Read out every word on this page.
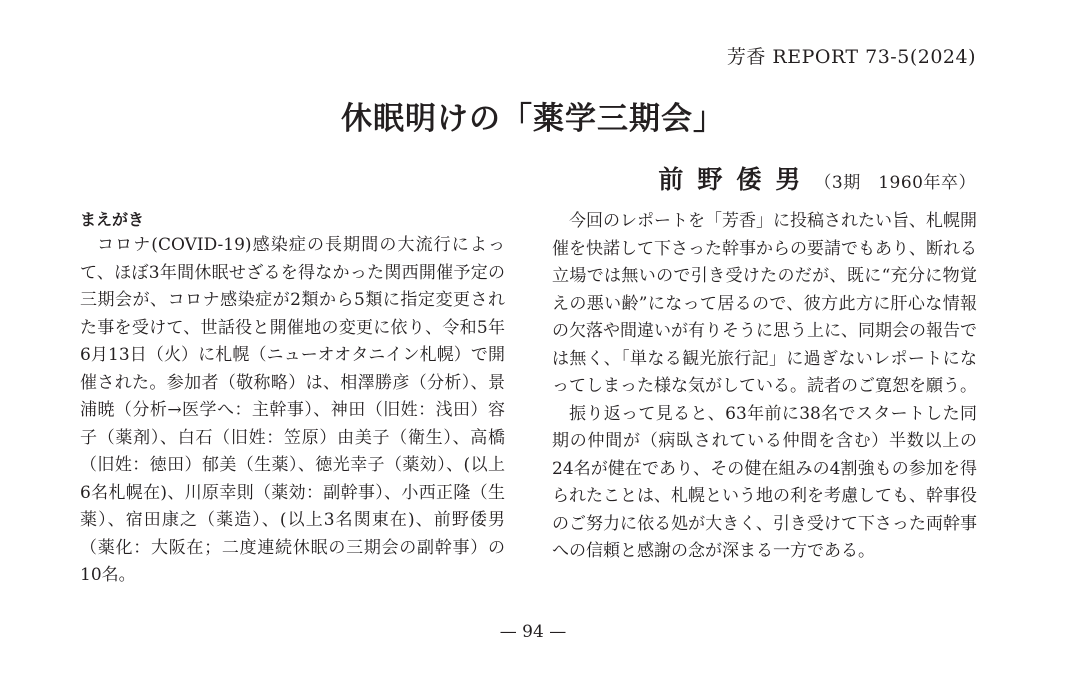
芳香 REPORT 73-5(2024)
休眠明けの「薬学三期会」
前野倭男（3期　1960年卒）

まえがき

コロナ(COVID-19)感染症の長期間の大流行によって、ほぼ3年間休眠せざるを得なかった関西開催予定の三期会が、コロナ感染症が2類から5類に指定変更された事を受けて、世話役と開催地の変更に依り、令和5年6月13日（火）に札幌（ニューオオタニイン札幌）で開催された。参加者（敬称略）は、相澤勝彦（分析）、景浦暁（分析→医学へ：主幹事）、神田（旧姓：浅田）容子（薬剤）、白石（旧姓：笠原）由美子（衛生）、高橋（旧姓：徳田）郁美（生薬）、徳光幸子（薬効）、(以上6名札幌在)、川原幸則（薬効：副幹事）、小西正隆（生薬）、宿田康之（薬造）、(以上3名関東在)、前野倭男（薬化：大阪在；二度連続休眠の三期会の副幹事）の10名。

今回のレポートを「芳香」に投稿されたい旨、札幌開催を快諾して下さった幹事からの要請でもあり、断れる立場では無いので引き受けたのだが、既に“充分に物覚えの悪い齢”になって居るので、彼方此方に肝心な情報の欠落や間違いが有りそうに思う上に、同期会の報告では無く、「単なる観光旅行記」に過ぎないレポートになってしまった様な気がしている。読者のご寛恕を願う。

振り返って見ると、63年前に38名でスタートした同期の仲間が（病臥されている仲間を含む）半数以上の24名が健在であり、その健在組みの4割強もの参加を得られたことは、札幌という地の利を考慮しても、幹事役のご努力に依る処が大きく、引き受けて下さった両幹事への信頼と感謝の念が深まる一方である。

— 94 —
